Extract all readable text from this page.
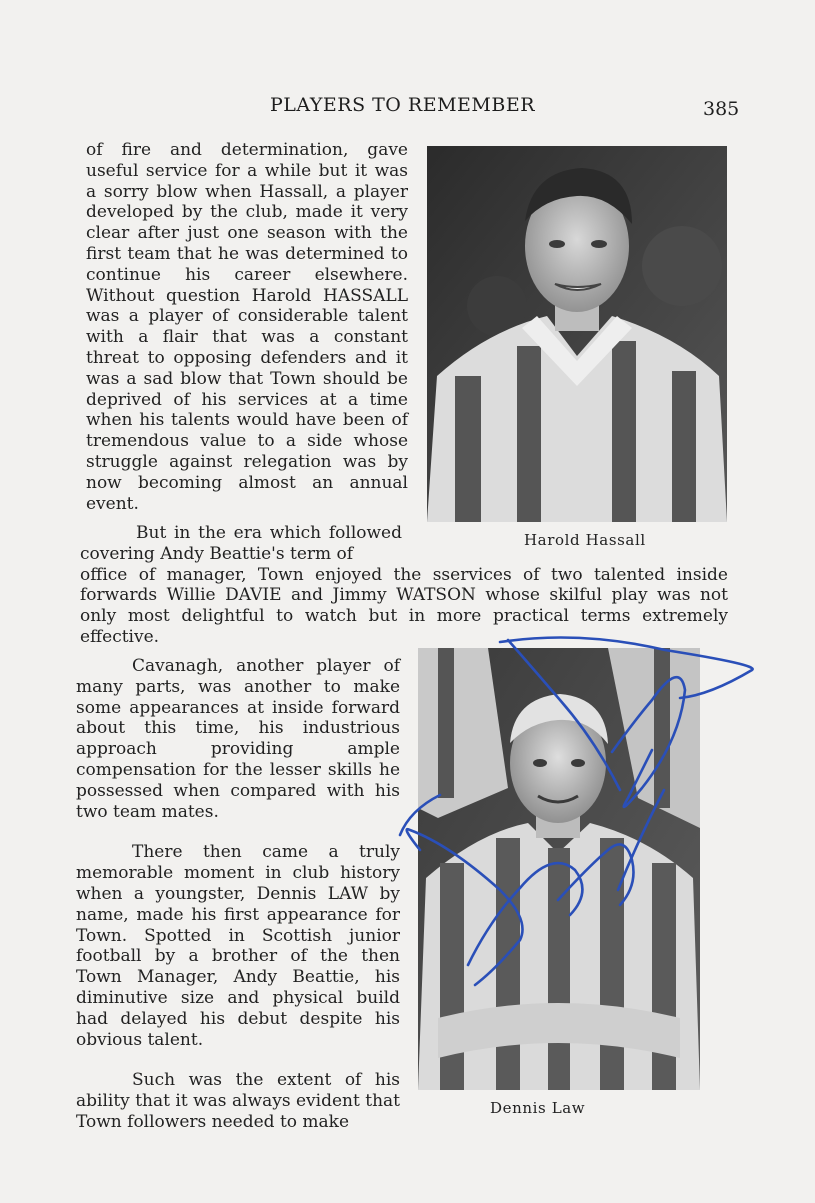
PLAYERS TO REMEMBER	385

of fire and determination, gave useful service for a while but it was a sorry blow when Hassall, a player developed by the club, made it very clear after just one season with the first team that he was determined to continue his career elsewhere. Without question Harold HASSALL was a player of considerable talent with a flair that was a constant threat to opposing defenders and it was a sad blow that Town should be deprived of his services at a time when his talents would have been of tremendous value to a side whose struggle against relegation was by now becoming almost an annual event.

But in the era which followed covering Andy Beattie's term of

office of manager, Town enjoyed the sservices of two talented inside forwards Willie DAVIE and Jimmy WATSON whose skilful play was not only most delightful to watch but in more practical terms extremely effective.

Cavanagh, another player of many parts, was another to make some appearances at inside forward about this time, his industrious approach providing ample compensation for the lesser skills he possessed when compared with his two team mates.

There then came a truly memorable moment in club history when a youngster, Dennis LAW by name, made his first appearance for Town. Spotted in Scottish junior football by a brother of the then Town Manager, Andy Beattie, his diminutive size and physical build had delayed his debut despite his obvious talent.

Such was the extent of his ability that it was always evident that Town followers needed to make

Harold Hassall
Dennis Law
